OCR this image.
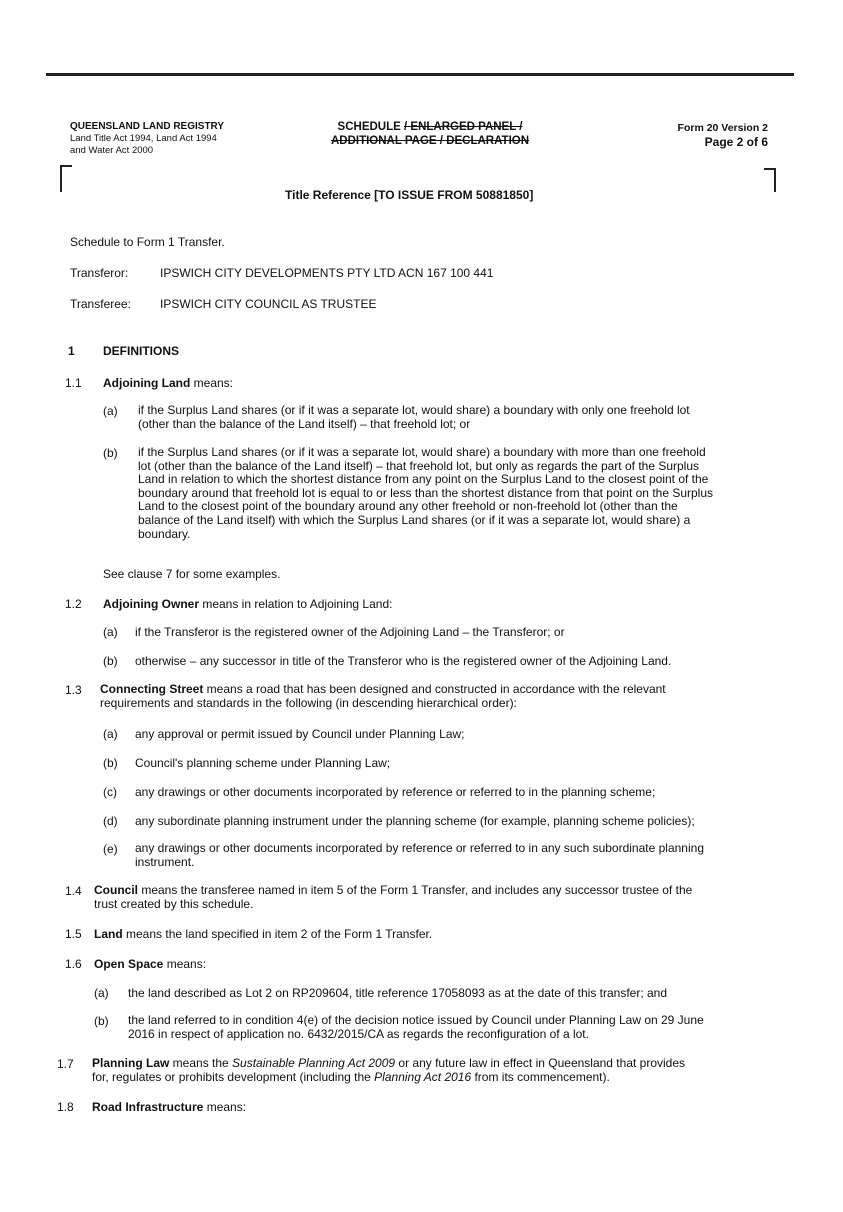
QUEENSLAND LAND REGISTRY
Land Title Act 1994, Land Act 1994
and Water Act 2000
SCHEDULE / ENLARGED PANEL /
ADDITIONAL PAGE / DECLARATION
Form 20 Version 2
Page 2 of 6
Title Reference [TO ISSUE FROM 50881850]
Schedule to Form 1 Transfer.
Transferor:	IPSWICH CITY DEVELOPMENTS PTY LTD ACN 167 100 441
Transferee: IPSWICH CITY COUNCIL AS TRUSTEE
1 DEFINITIONS
1.1 Adjoining Land means:
(a) if the Surplus Land shares (or if it was a separate lot, would share) a boundary with only one freehold lot
(other than the balance of the Land itself) – that freehold lot; or
(b) if the Surplus Land shares (or if it was a separate lot, would share) a boundary with more than one freehold
lot (other than the balance of the Land itself) – that freehold lot, but only as regards the part of the Surplus
Land in relation to which the shortest distance from any point on the Surplus Land to the closest point of the
boundary around that freehold lot is equal to or less than the shortest distance from that point on the Surplus
Land to the closest point of the boundary around any other freehold or non-freehold lot (other than the
balance of the Land itself) with which the Surplus Land shares (or if it was a separate lot, would share) a
boundary.
See clause 7 for some examples.
1.2 Adjoining Owner means in relation to Adjoining Land:
(a) if the Transferor is the registered owner of the Adjoining Land – the Transferor; or
(b) otherwise – any successor in title of the Transferor who is the registered owner of the Adjoining Land.
1.3 Connecting Street means a road that has been designed and constructed in accordance with the relevant
requirements and standards in the following (in descending hierarchical order):
(a) any approval or permit issued by Council under Planning Law;
(b) Council's planning scheme under Planning Law;
(c) any drawings or other documents incorporated by reference or referred to in the planning scheme;
(d) any subordinate planning instrument under the planning scheme (for example, planning scheme policies);
(e) any drawings or other documents incorporated by reference or referred to in any such subordinate planning
instrument.
1.4 Council means the transferee named in item 5 of the Form 1 Transfer, and includes any successor trustee of the
trust created by this schedule.
1.5 Land means the land specified in item 2 of the Form 1 Transfer.
1.6 Open Space means:
(a) the land described as Lot 2 on RP209604, title reference 17058093 as at the date of this transfer; and
(b) the land referred to in condition 4(e) of the decision notice issued by Council under Planning Law on 29 June
2016 in respect of application no. 6432/2015/CA as regards the reconfiguration of a lot.
1.7 Planning Law means the Sustainable Planning Act 2009 or any future law in effect in Queensland that provides
for, regulates or prohibits development (including the Planning Act 2016 from its commencement).
1.8 Road Infrastructure means:
